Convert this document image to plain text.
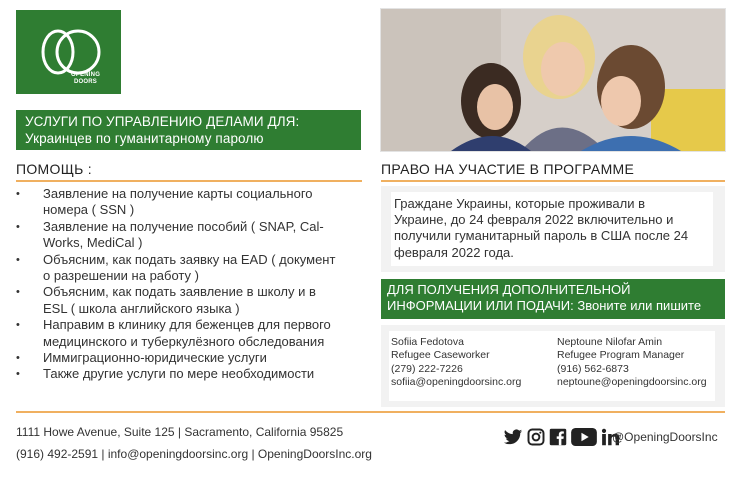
OPENING
DOORS
УСЛУГИ ПО УПРАВЛЕНИЮ ДЕЛАМИ ДЛЯ:
Украинцев по гуманитарному паролю
ПОМОЩЬ :
• Заявление на получение карты социального
номера ( SSN )
• Заявление на получение пособий ( SNAP, Cal-
Works, MediCal )
• Объясним, как подать заявку на EAD ( документ
о разрешении на работу )
• Объясним, как подать заявление в школу и в
ESL ( школа английского языка )
• Направим в клинику для беженцев для первого
медицинского и туберкулёзного обследования
• Иммиграционно-юридические услуги
• Также другие услуги по мере необходимости
ПРАВО НА УЧАСТИЕ В ПРОГРАММЕ
Граждане Украины, которые проживали в
Украине, до 24 февраля 2022 включительно и
получили гуманитарный пароль в США после 24
февраля 2022 года.
ДЛЯ ПОЛУЧЕНИЯ ДОПОЛНИТЕЛЬНОЙ
ИНФОРМАЦИИ ИЛИ ПОДАЧИ: Звоните или пишите
Sofiia Fedotova
Refugee Caseworker
(279) 222-7226
sofiia@openingdoorsinc.org
Neptoune Nilofar Amin
Refugee Program Manager
(916) 562-6873
neptoune@openingdoorsinc.org
1111 Howe Avenue, Suite 125 | Sacramento, California 95825
(916) 492-2591 | info@openingdoorsinc.org | OpeningDoorsInc.org
@OpeningDoorsInc
